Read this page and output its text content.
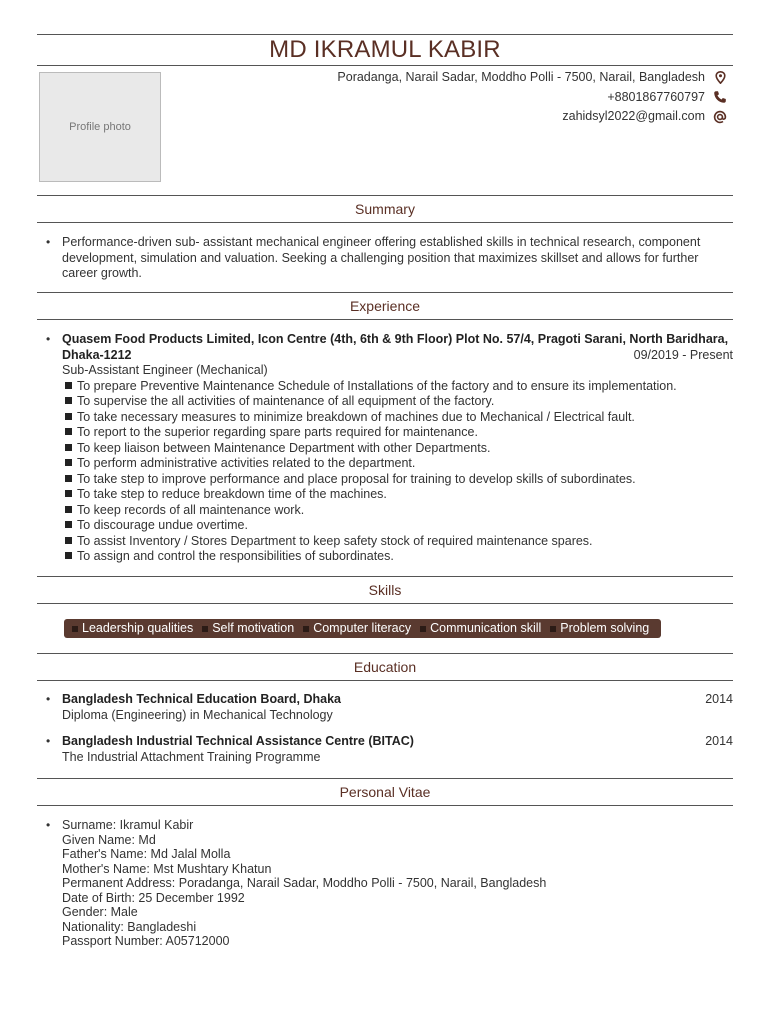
MD IKRAMUL KABIR
Profile photo
Poradanga, Narail Sadar, Moddho Polli - 7500, Narail, Bangladesh
+8801867760797
zahidsyl2022@gmail.com
Summary
• Performance-driven sub- assistant mechanical engineer offering established skills in technical research, component development, simulation and valuation. Seeking a challenging position that maximizes skillset and allows for further career growth.
Experience
• Quasem Food Products Limited, Icon Centre (4th, 6th & 9th Floor) Plot No. 57/4, Pragoti Sarani, North Baridhara,
Dhaka-1212	09/2019 - Present
Sub-Assistant Engineer (Mechanical)
To prepare Preventive Maintenance Schedule of Installations of the factory and to ensure its implementation.
To supervise the all activities of maintenance of all equipment of the factory.
To take necessary measures to minimize breakdown of machines due to Mechanical / Electrical fault.
To report to the superior regarding spare parts required for maintenance.
To keep liaison between Maintenance Department with other Departments.
To perform administrative activities related to the department.
To take step to improve performance and place proposal for training to develop skills of subordinates.
To take step to reduce breakdown time of the machines.
To keep records of all maintenance work.
To discourage undue overtime.
To assist Inventory / Stores Department to keep safety stock of required maintenance spares.
To assign and control the responsibilities of subordinates.
Skills
Leadership qualities Self motivation Computer literacy Communication skill Problem solving
Education
• Bangladesh Technical Education Board, Dhaka	2014
Diploma (Engineering) in Mechanical Technology
• Bangladesh Industrial Technical Assistance Centre (BITAC)	2014
The Industrial Attachment Training Programme
Personal Vitae
• Surname: Ikramul Kabir
Given Name: Md
Father's Name: Md Jalal Molla
Mother's Name: Mst Mushtary Khatun
Permanent Address: Poradanga, Narail Sadar, Moddho Polli - 7500, Narail, Bangladesh
Date of Birth: 25 December 1992
Gender: Male
Nationality: Bangladeshi
Passport Number: A05712000
